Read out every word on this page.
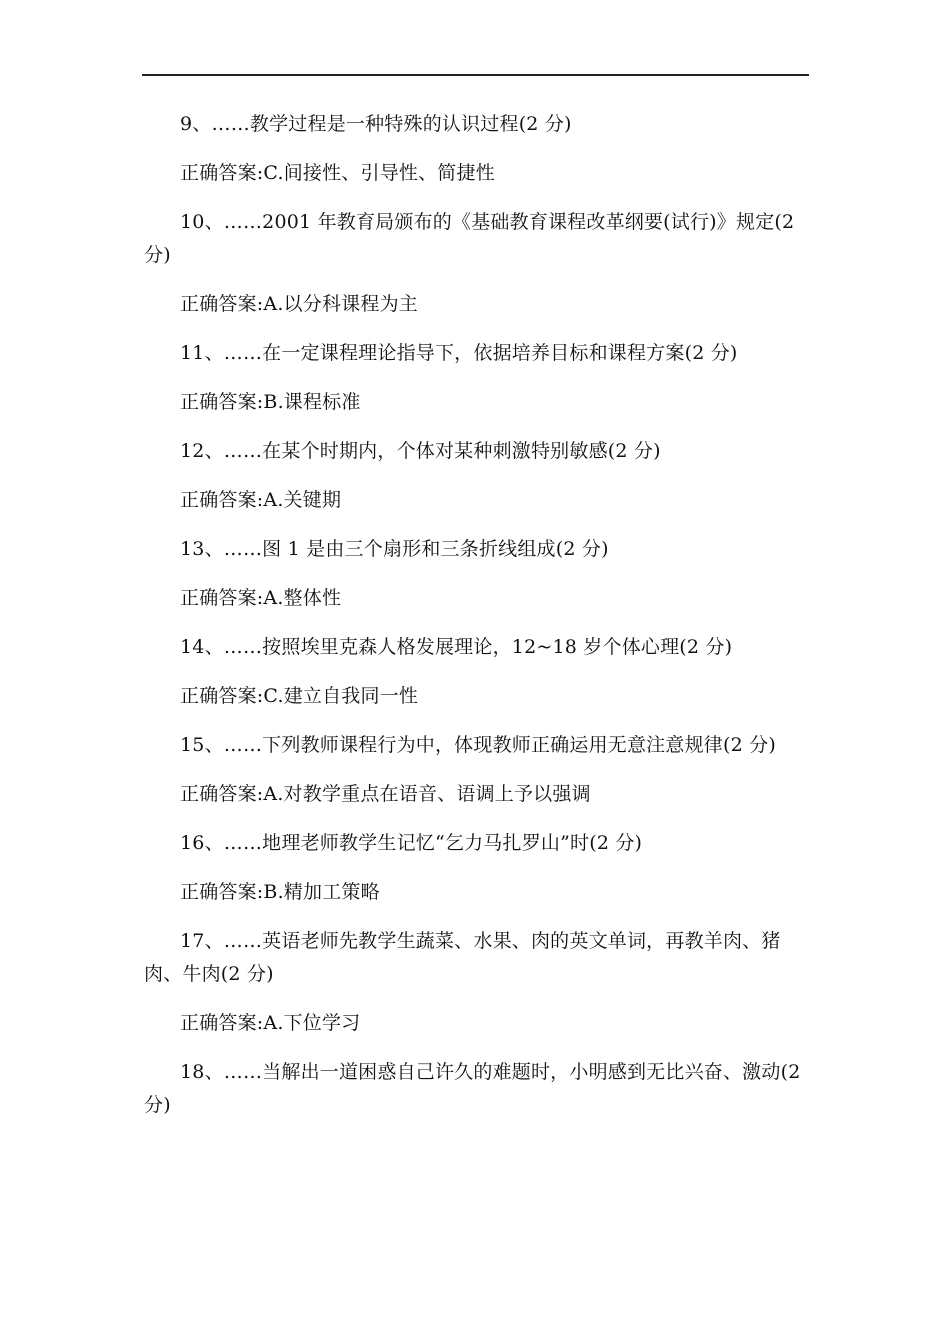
9、……教学过程是一种特殊的认识过程(2 分)

正确答案:C.间接性、引导性、简捷性

10、……2001 年教育局颁布的《基础教育课程改革纲要(试行)》规定(2 分)

正确答案:A.以分科课程为主

11、……在一定课程理论指导下，依据培养目标和课程方案(2 分)

正确答案:B.课程标准

12、……在某个时期内，个体对某种刺激特别敏感(2 分)

正确答案:A.关键期

13、……图 1 是由三个扇形和三条折线组成(2 分)

正确答案:A.整体性

14、……按照埃里克森人格发展理论，12~18 岁个体心理(2 分)

正确答案:C.建立自我同一性

15、……下列教师课程行为中，体现教师正确运用无意注意规律(2 分)

正确答案:A.对教学重点在语音、语调上予以强调

16、……地理老师教学生记忆“乞力马扎罗山”时(2 分)

正确答案:B.精加工策略

17、……英语老师先教学生蔬菜、水果、肉的英文单词，再教羊肉、猪肉、牛肉(2 分)

正确答案:A.下位学习

18、……当解出一道困惑自己许久的难题时，小明感到无比兴奋、激动(2 分)
